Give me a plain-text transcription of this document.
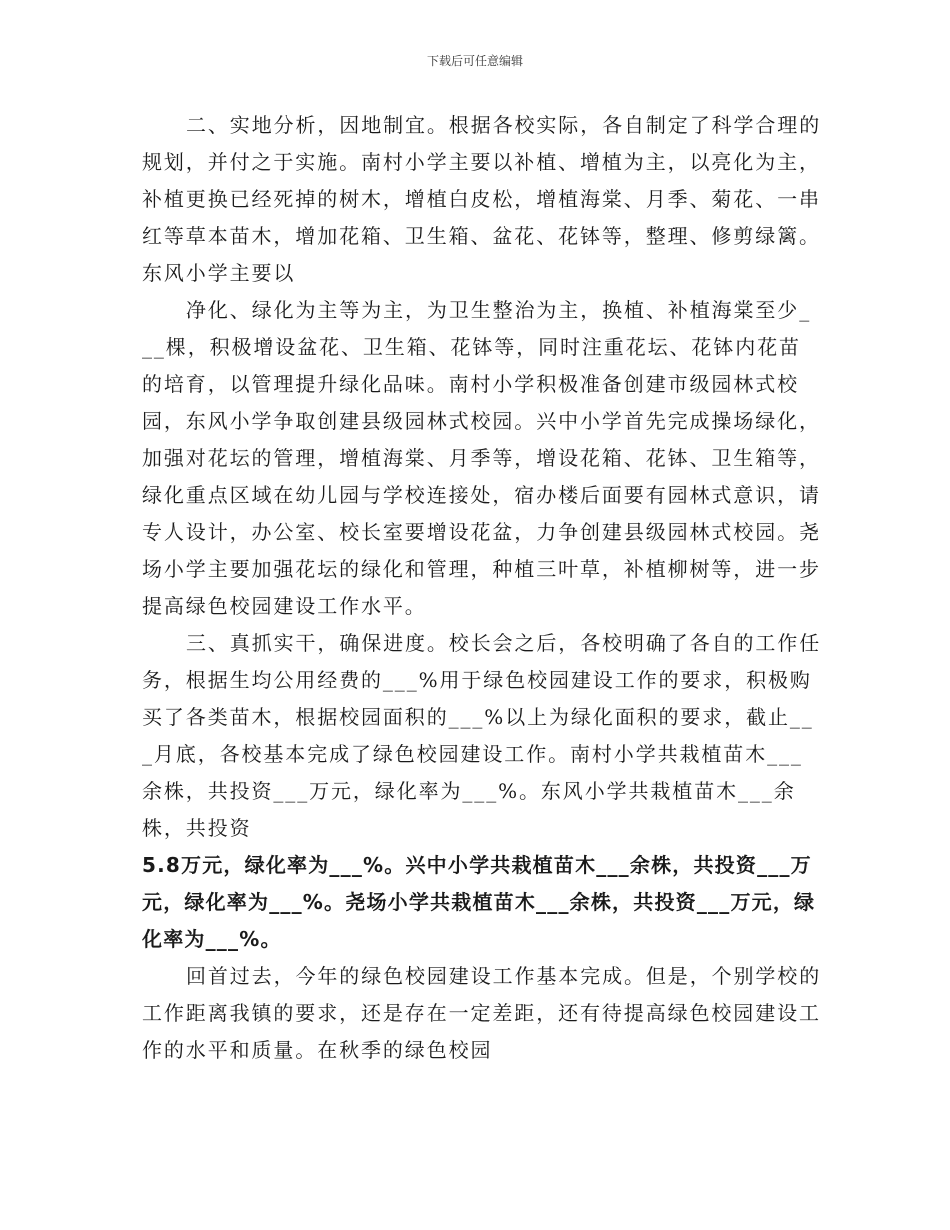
下载后可任意编辑

二、实地分析，因地制宜。根据各校实际，各自制定了科学合理的规划，并付之于实施。南村小学主要以补植、增植为主，以亮化为主，补植更换已经死掉的树木，增植白皮松，增植海棠、月季、菊花、一串红等草本苗木，增加花箱、卫生箱、盆花、花钵等，整理、修剪绿篱。东风小学主要以

净化、绿化为主等为主，为卫生整治为主，换植、补植海棠至少___棵，积极增设盆花、卫生箱、花钵等，同时注重花坛、花钵内花苗的培育，以管理提升绿化品味。南村小学积极准备创建市级园林式校园，东风小学争取创建县级园林式校园。兴中小学首先完成操场绿化，加强对花坛的管理，增植海棠、月季等，增设花箱、花钵、卫生箱等，绿化重点区域在幼儿园与学校连接处，宿办楼后面要有园林式意识，请专人设计，办公室、校长室要增设花盆，力争创建县级园林式校园。尧场小学主要加强花坛的绿化和管理，种植三叶草，补植柳树等，进一步提高绿色校园建设工作水平。

三、真抓实干，确保进度。校长会之后，各校明确了各自的工作任务，根据生均公用经费的___%用于绿色校园建设工作的要求，积极购买了各类苗木，根据校园面积的___%以上为绿化面积的要求，截止___月底，各校基本完成了绿色校园建设工作。南村小学共栽植苗木___余株，共投资___万元，绿化率为___%。东风小学共栽植苗木___余株，共投资

5.8万元，绿化率为___%。兴中小学共栽植苗木___余株，共投资___万元，绿化率为___%。尧场小学共栽植苗木___余株，共投资___万元，绿化率为___%。

回首过去，今年的绿色校园建设工作基本完成。但是，个别学校的工作距离我镇的要求，还是存在一定差距，还有待提高绿色校园建设工作的水平和质量。在秋季的绿色校园
